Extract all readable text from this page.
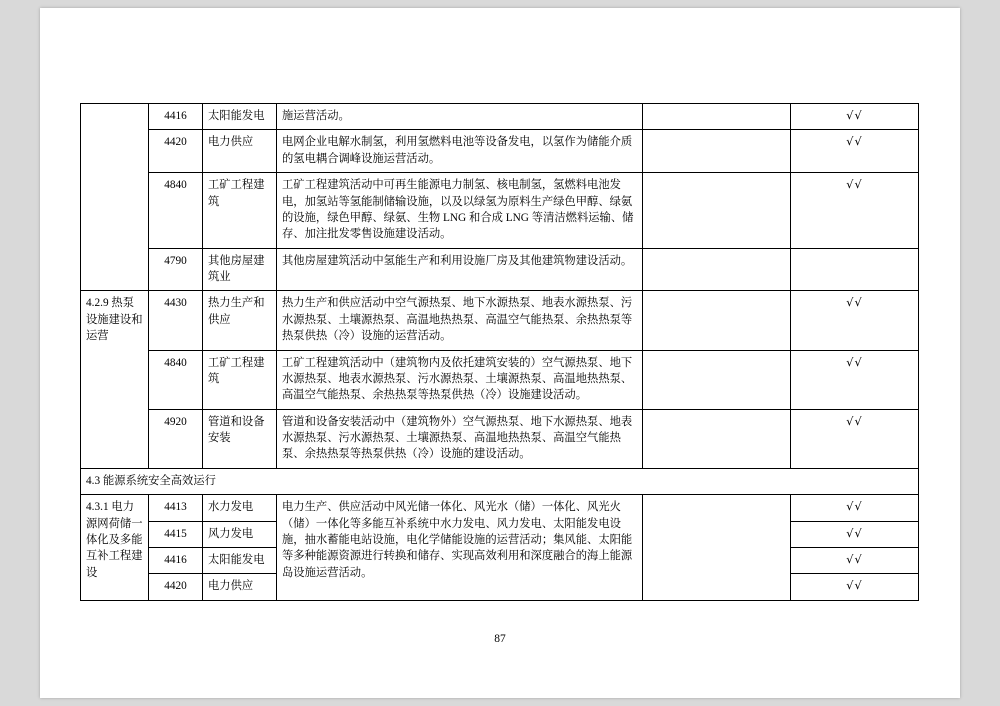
	4416	太阳能发电	施运营活动。		√√
	4420	电力供应	电网企业电解水制氢，利用氢燃料电池等设备发电，以氢作为储能介质的氢电耦合调峰设施运营活动。		√√
	4840	工矿工程建筑	工矿工程建筑活动中可再生能源电力制氢、核电制氢，氢燃料电池发电，加氢站等氢能制储输设施，以及以绿氢为原料生产绿色甲醇、绿氨的设施，绿色甲醇、绿氨、生物 LNG 和合成 LNG 等清洁燃料运输、储存、加注批发零售设施建设活动。		√√
	4790	其他房屋建筑业	其他房屋建筑活动中氢能生产和利用设施厂房及其他建筑物建设活动。		
4.2.9 热泵设施建设和运营	4430	热力生产和供应	热力生产和供应活动中空气源热泵、地下水源热泵、地表水源热泵、污水源热泵、土壤源热泵、高温地热热泵、高温空气能热泵、余热热泵等热泵供热（冷）设施的运营活动。		√√
	4840	工矿工程建筑	工矿工程建筑活动中（建筑物内及依托建筑安装的）空气源热泵、地下水源热泵、地表水源热泵、污水源热泵、土壤源热泵、高温地热热泵、高温空气能热泵、余热热泵等热泵供热（冷）设施建设活动。		√√
	4920	管道和设备安装	管道和设备安装活动中（建筑物外）空气源热泵、地下水源热泵、地表水源热泵、污水源热泵、土壤源热泵、高温地热热泵、高温空气能热泵、余热热泵等热泵供热（冷）设施的建设活动。		√√
4.3 能源系统安全高效运行					
4.3.1 电力源网荷储一体化及多能互补工程建设	4413	水力发电	电力生产、供应活动中风光储一体化、风光水（储）一体化、风光火（储）一体化等多能互补系统中水力发电、风力发电、太阳能发电设施，抽水蓄能电站设施，电化学储能设施的运营活动；集风能、太阳能等多种能源资源进行转换和储存、实现高效利用和深度融合的海上能源岛设施运营活动。		√√
	4415	风力发电			√√
	4416	太阳能发电			√√
	4420	电力供应			√√
87
